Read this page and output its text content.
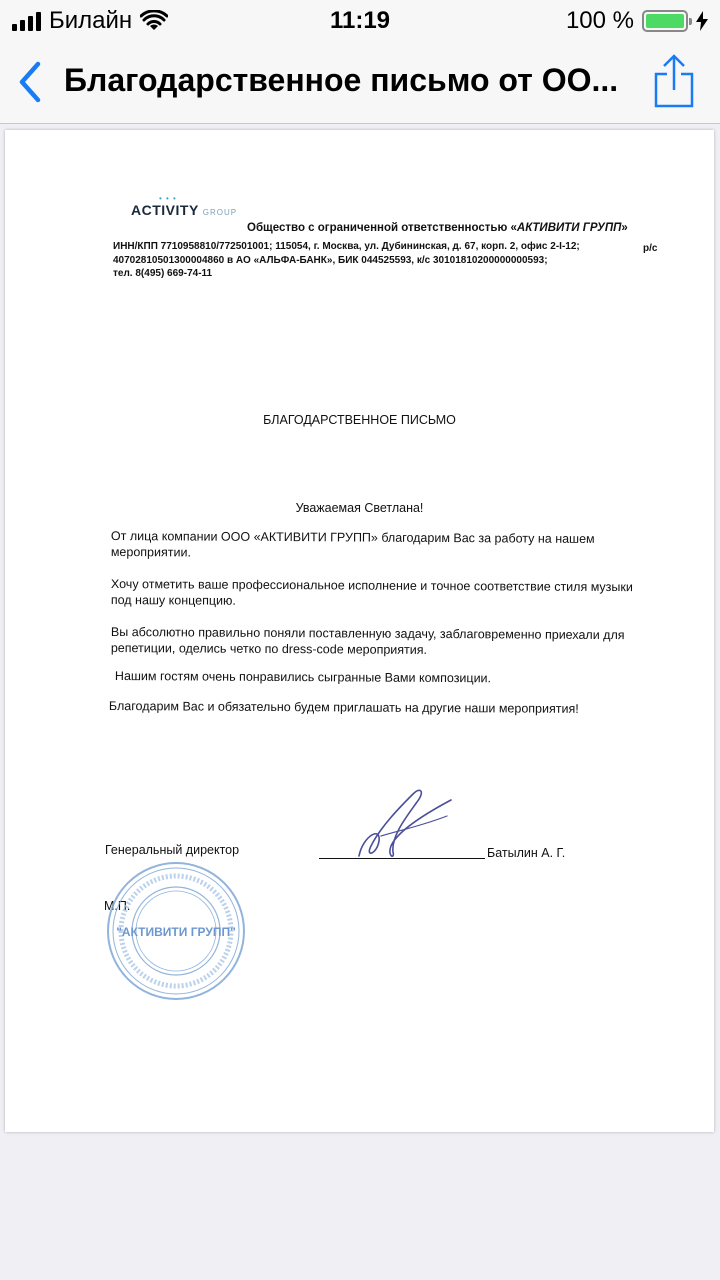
Билайн	11:19	100 %
Благодарственное письмо от ОО...
• • •
ACTIVITY GROUP
Общество с ограниченной ответственностью «АКТИВИТИ ГРУПП»
ИНН/КПП 7710958810/772501001; 115054, г. Москва, ул. Дубининская, д. 67, корп. 2, офис 2-I-12;	р/с
40702810501300004860 в АО «АЛЬФА-БАНК», БИК 044525593, к/с 30101810200000000593;
тел. 8(495) 669-74-11
БЛАГОДАРСТВЕННОЕ ПИСЬМО
Уважаемая Светлана!
От лица компании ООО «АКТИВИТИ ГРУПП» благодарим Вас за работу на нашем мероприятии.
Хочу отметить ваше профессиональное исполнение и точное соответствие стиля музыки под нашу концепцию.
Вы абсолютно правильно поняли поставленную задачу, заблаговременно приехали для репетиции, оделись четко по dress-code мероприятия.
Нашим гостям очень понравились сыгранные Вами композиции.
Благодарим Вас и обязательно будем приглашать на другие наши мероприятия!
Генеральный директор	Батылин А. Г.
М.П.
"АКТИВИТИ ГРУПП"
